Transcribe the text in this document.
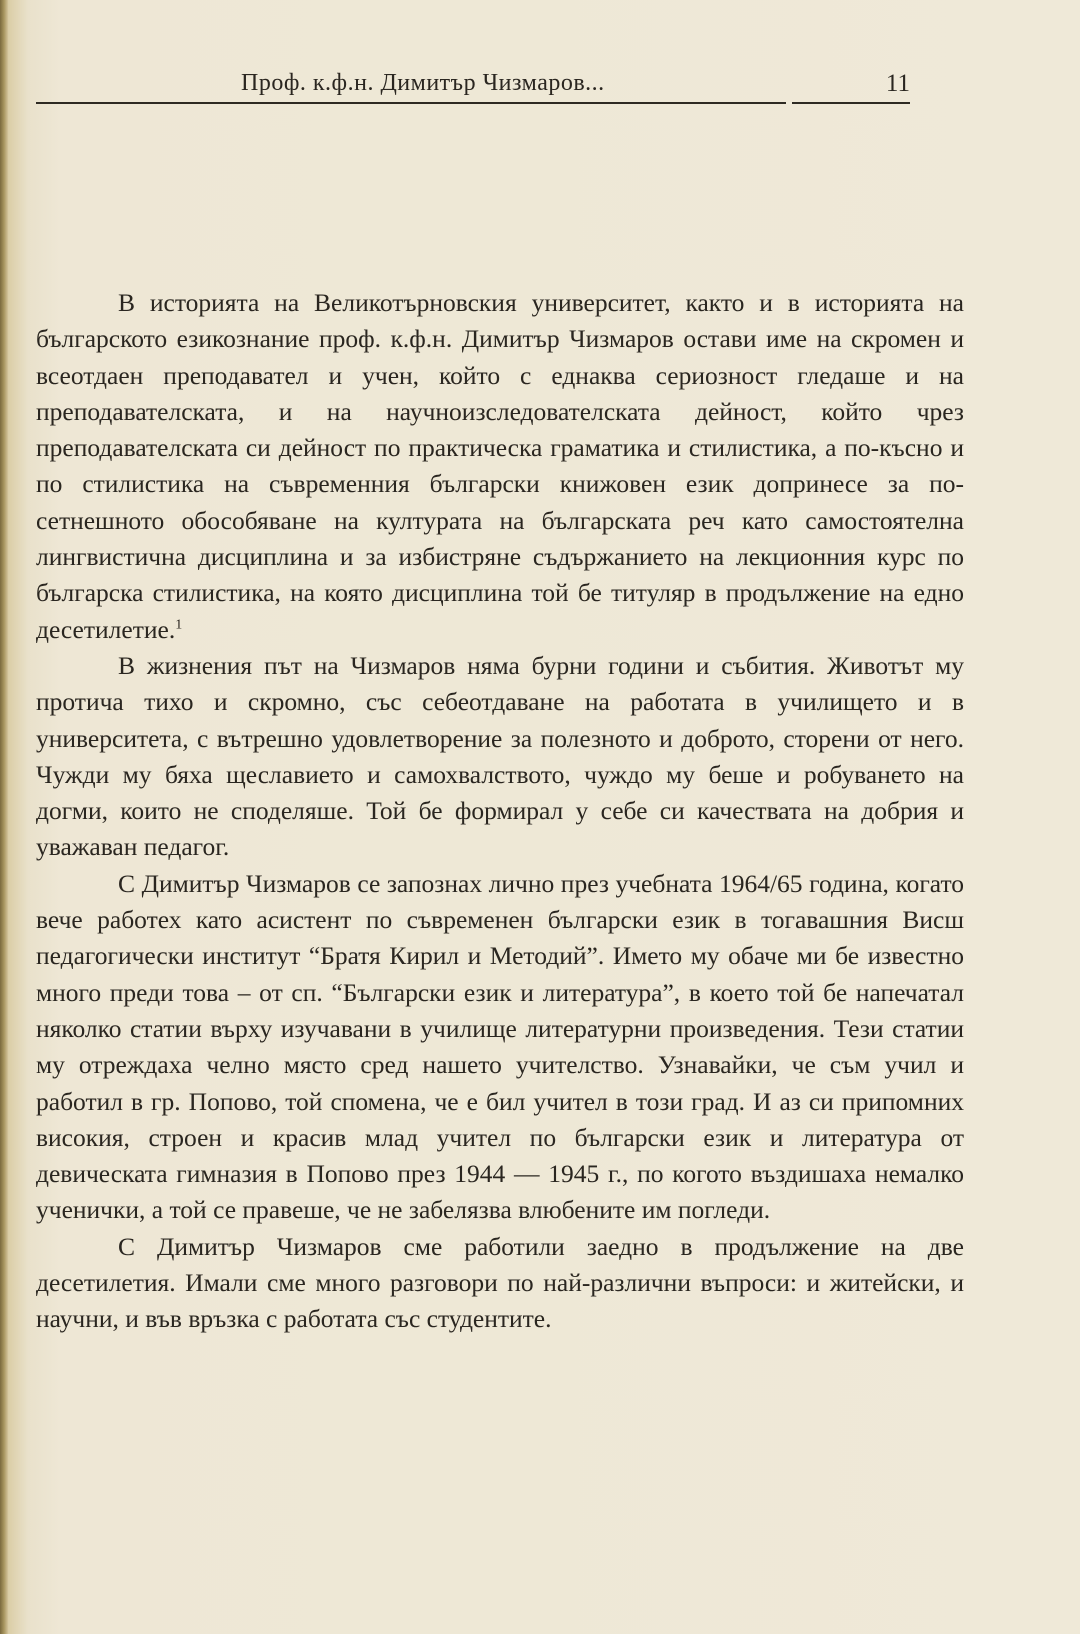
Проф. к.ф.н. Димитър Чизмаров...	11

В историята на Великотърновския университет, както и в историята на българското езикознание проф. к.ф.н. Димитър Чизмаров остави име на скромен и всеотдаен преподавател и учен, който с еднаква сериозност гледаше и на преподавателската, и на научноизследователската дейност, който чрез преподавателската си дейност по практическа граматика и стилистика, а по-късно и по стилистика на съвременния български книжовен език допринесе за по-сетнешното обособяване на културата на българската реч като самостоятелна лингвистична дисциплина и за избистряне съдържанието на лекционния курс по българска стилистика, на която дисциплина той бе титуляр в продължение на едно десетилетие.$^1$

В жизнения път на Чизмаров няма бурни години и събития. Животът му протича тихо и скромно, със себеотдаване на работата в училището и в университета, с вътрешно удовлетворение за полезното и доброто, сторени от него. Чужди му бяха щеславието и самохвалството, чуждо му беше и робуването на догми, които не споделяше. Той бе формирал у себе си качествата на добрия и уважаван педагог.

С Димитър Чизмаров се запознах лично през учебната 1964/65 година, когато вече работех като асистент по съвременен български език в тогавашния Висш педагогически институт “Братя Кирил и Методий”. Името му обаче ми бе известно много преди това – от сп. “Български език и литература”, в което той бе напечатал няколко статии върху изучавани в училище литературни произведения. Тези статии му отреждаха челно място сред нашето учителство. Узнавайки, че съм учил и работил в гр. Попово, той спомена, че е бил учител в този град. И аз си припомних високия, строен и красив млад учител по български език и литература от девическата гимназия в Попово през 1944 — 1945 г., по когото въздишаха немалко ученички, а той се правеше, че не забелязва влюбените им погледи.

С Димитър Чизмаров сме работили заедно в продължение на две десетилетия. Имали сме много разговори по най-различни въпроси: и житейски, и научни, и във връзка с работата със студентите.
